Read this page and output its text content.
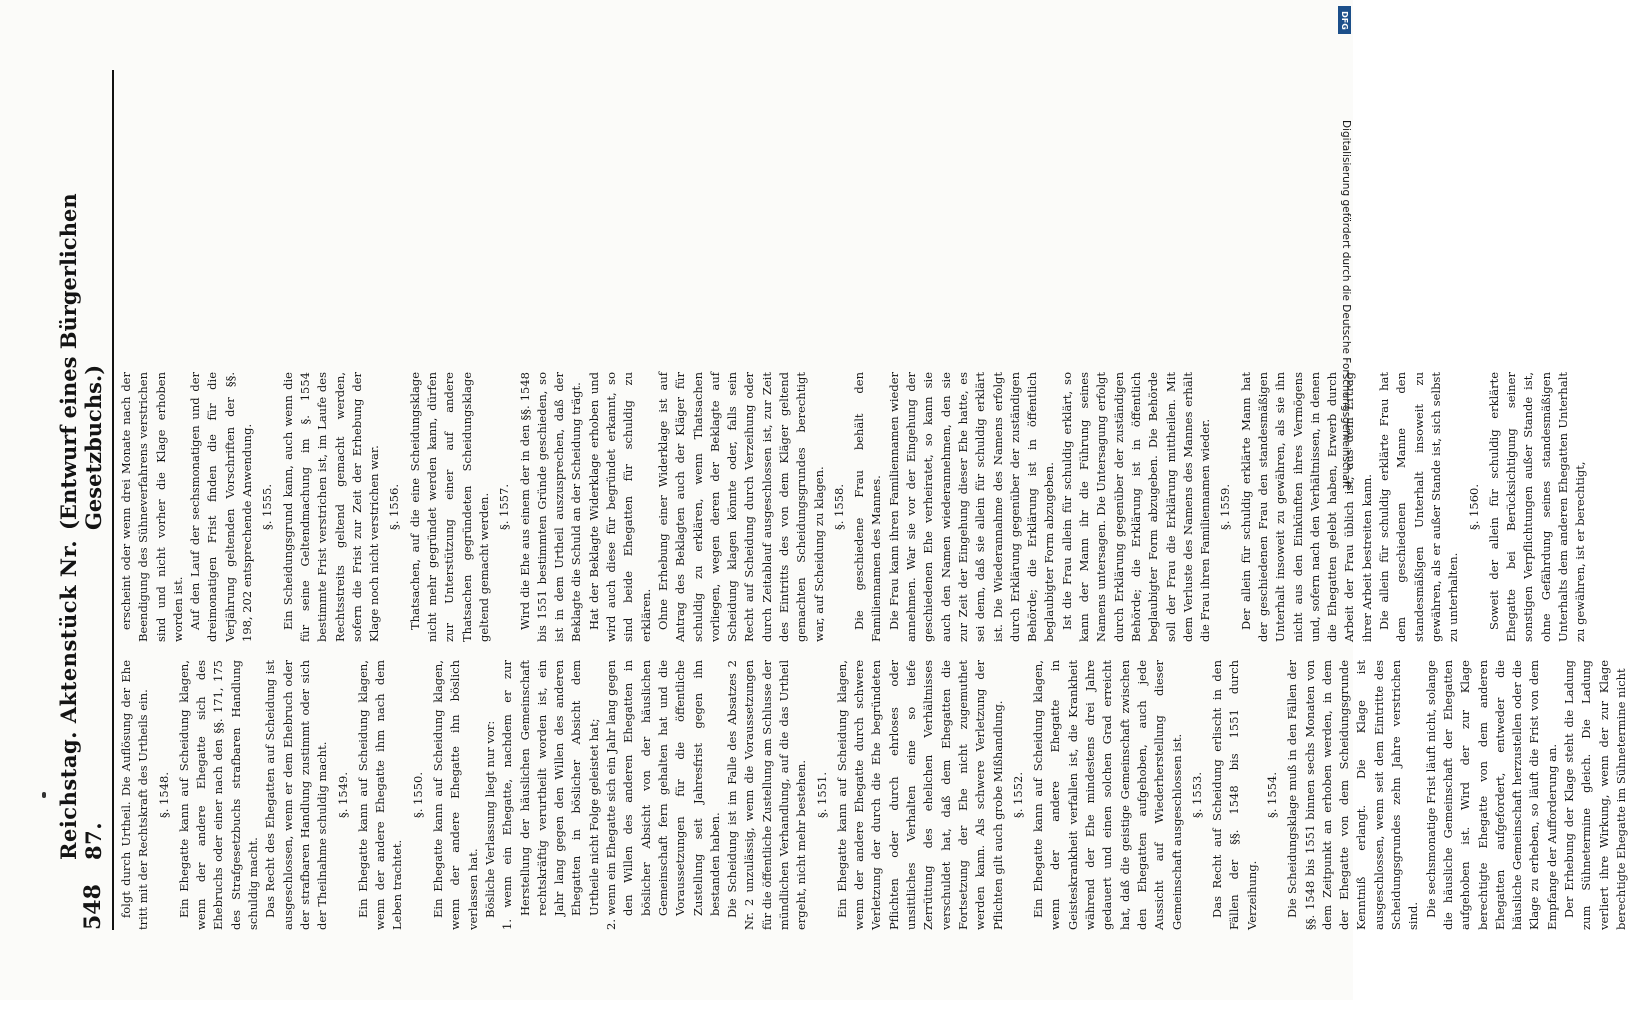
548
Reichstag. Aktenstück Nr. 87.
(Entwurf eines Bürgerlichen Gesetzbuchs.)

folgt durch Urtheil. Die Auflösung der Ehe tritt mit der Rechtskraft des Urtheils ein. §. 1548. Ein Ehegatte kann auf Scheidung klagen, wenn der andere Ehegatte sich des Ehebruchs oder einer nach den §§. 171, 175 des Strafgesetzbuchs strafbaren Handlung schuldig macht. Das Recht des Ehegatten auf Scheidung ist ausgeschlossen, wenn er dem Ehebruch oder der strafbaren Handlung zustimmt oder sich der Theilnahme schuldig macht. §. 1549. Ein Ehegatte kann auf Scheidung klagen, wenn der andere Ehegatte ihm nach dem Leben trachtet.

§. 1550. Ein Ehegatte kann auf Scheidung klagen, wenn der andere Ehegatte ihn böslich verlassen hat. Bösliche Verlassung liegt nur vor: 1. wenn ein Ehegatte, nachdem er zur Herstellung der häuslichen Gemeinschaft rechtskräftig verurtheilt worden ist, ein Jahr lang gegen den Willen des anderen Ehegatten in böslicher Absicht dem Urtheile nicht Folge geleistet hat; 2. wenn ein Ehegatte sich ein Jahr lang gegen den Willen des anderen Ehegatten in böslicher Absicht von der häuslichen Gemeinschaft fern gehalten hat und die Voraussetzungen für die öffentliche Zustellung seit Jahresfrist gegen ihn bestanden haben. Die Scheidung ist im Falle des Absatzes 2 Nr. 2 unzulässig, wenn die Voraussetzungen für die öffentliche Zustellung am Schlusse der mündlichen Verhandlung, auf die das Urtheil ergeht, nicht mehr bestehen. §. 1551. Ein Ehegatte kann auf Scheidung klagen, wenn der andere Ehegatte durch schwere Verletzung der durch die Ehe begründeten Pflichten oder durch ehrloses oder unsittliches Verhalten eine so tiefe Zerrüttung des ehelichen Verhältnisses verschuldet hat, daß dem Ehegatten die Fortsetzung der Ehe nicht zugemuthet werden kann. Als schwere Verletzung der Pflichten gilt auch grobe Mißhandlung. §. 1552. Ein Ehegatte kann auf Scheidung klagen, wenn der andere Ehegatte in Geisteskrankheit verfallen ist, die Krankheit während der Ehe mindestens drei Jahre gedauert und einen solchen Grad erreicht hat, daß die geistige Gemeinschaft zwischen den Ehegatten aufgehoben, auch jede Aussicht auf Wiederherstellung dieser Gemeinschaft ausgeschlossen ist. §. 1553. Das Recht auf Scheidung erlischt in den Fällen der §§. 1548 bis 1551 durch Verzeihung.

§. 1554. Die Scheidungsklage muß in den Fällen der §§. 1548 bis 1551 binnen sechs Monaten von dem Zeitpunkt an erhoben werden, in dem der Ehegatte von dem Scheidungsgrunde Kenntniß erlangt. Die Klage ist ausgeschlossen, wenn seit dem Eintritte des Scheidungsgrundes zehn Jahre verstrichen sind. Die sechsmonatige Frist läuft nicht, solange die häusliche Gemeinschaft der Ehegatten aufgehoben ist. Wird der zur Klage berechtigte Ehegatte von dem anderen Ehegatten aufgefordert, entweder die häusliche Gemeinschaft herzustellen oder die Klage zu erheben, so läuft die Frist von dem Empfange der Aufforderung an. Der Erhebung der Klage steht die Ladung zum Sühnetermine gleich. Die Ladung verliert ihre Wirkung, wenn der zur Klage berechtigte Ehegatte im Sühnetermine nicht

erscheint oder wenn drei Monate nach der Beendigung des Sühneverfahrens verstrichen sind und nicht vorher die Klage erhoben worden ist. Auf den Lauf der sechsmonatigen und der dreimonatigen Frist finden die für die Verjährung geltenden Vorschriften der §§. 198, 202 entsprechende Anwendung. §. 1555. Ein Scheidungsgrund kann, auch wenn die für seine Geltendmachung im §. 1554 bestimmte Frist verstrichen ist, im Laufe des Rechtsstreits geltend gemacht werden, sofern die Frist zur Zeit der Erhebung der Klage noch nicht verstrichen war. §. 1556. Thatsachen, auf die eine Scheidungsklage nicht mehr gegründet werden kann, dürfen zur Unterstützung einer auf andere Thatsachen gegründeten Scheidungsklage geltend gemacht werden. §. 1557. Wird die Ehe aus einem der in den §§. 1548 bis 1551 bestimmten Gründe geschieden, so ist in dem Urtheil auszusprechen, daß der Beklagte die Schuld an der Scheidung trägt. Hat der Beklagte Widerklage erhoben und wird auch diese für begründet erkannt, so sind beide Ehegatten für schuldig zu erklären. Ohne Erhebung einer Widerklage ist auf Antrag des Beklagten auch der Kläger für schuldig zu erklären, wenn Thatsachen vorliegen, wegen deren der Beklagte auf Scheidung klagen könnte oder, falls sein Recht auf Scheidung durch Verzeihung oder durch Zeitablauf ausgeschlossen ist, zur Zeit des Eintritts des von dem Kläger geltend gemachten Scheidungsgrundes berechtigt war, auf Scheidung zu klagen. §. 1558. Die geschiedene Frau behält den Familiennamen des Mannes. Die Frau kann ihren Familiennamen wieder annehmen. War sie vor der Eingehung der geschiedenen Ehe verheiratet, so kann sie auch den Namen wiederannehmen, den sie zur Zeit der Eingehung dieser Ehe hatte, es sei denn, daß sie allein für schuldig erklärt ist. Die Wiederannahme des Namens erfolgt durch Erklärung gegenüber der zuständigen Behörde; die Erklärung ist in öffentlich beglaubigter Form abzugeben. Ist die Frau allein für schuldig erklärt, so kann der Mann ihr die Führung seines Namens untersagen. Die Untersagung erfolgt durch Erklärung gegenüber der zuständigen Behörde; die Erklärung ist in öffentlich beglaubigter Form abzugeben. Die Behörde soll der Frau die Erklärung mittheilen. Mit dem Verluste des Namens des Mannes erhält die Frau ihren Familiennamen wieder. §. 1559. Der allein für schuldig erklärte Mann hat der geschiedenen Frau den standesmäßigen Unterhalt insoweit zu gewähren, als sie ihn nicht aus den Einkünften ihres Vermögens und, sofern nach den Verhältnissen, in denen die Ehegatten gelebt haben, Erwerb durch Arbeit der Frau üblich ist, aus dem Ertrag ihrer Arbeit bestreiten kann. Die allein für schuldig erklärte Frau hat dem geschiedenen Manne den standesmäßigen Unterhalt insoweit zu gewähren, als er außer Stande ist, sich selbst zu unterhalten.

§. 1560. Soweit der allein für schuldig erklärte Ehegatte bei Berücksichtigung seiner sonstigen Verpflichtungen außer Stande ist, ohne Gefährdung seines standesmäßigen Unterhalts dem anderen Ehegatten Unterhalt zu gewähren, ist er berechtigt,

DFG
Digitalisierung gefördert durch die Deutsche Forschungsgemeinschaft
